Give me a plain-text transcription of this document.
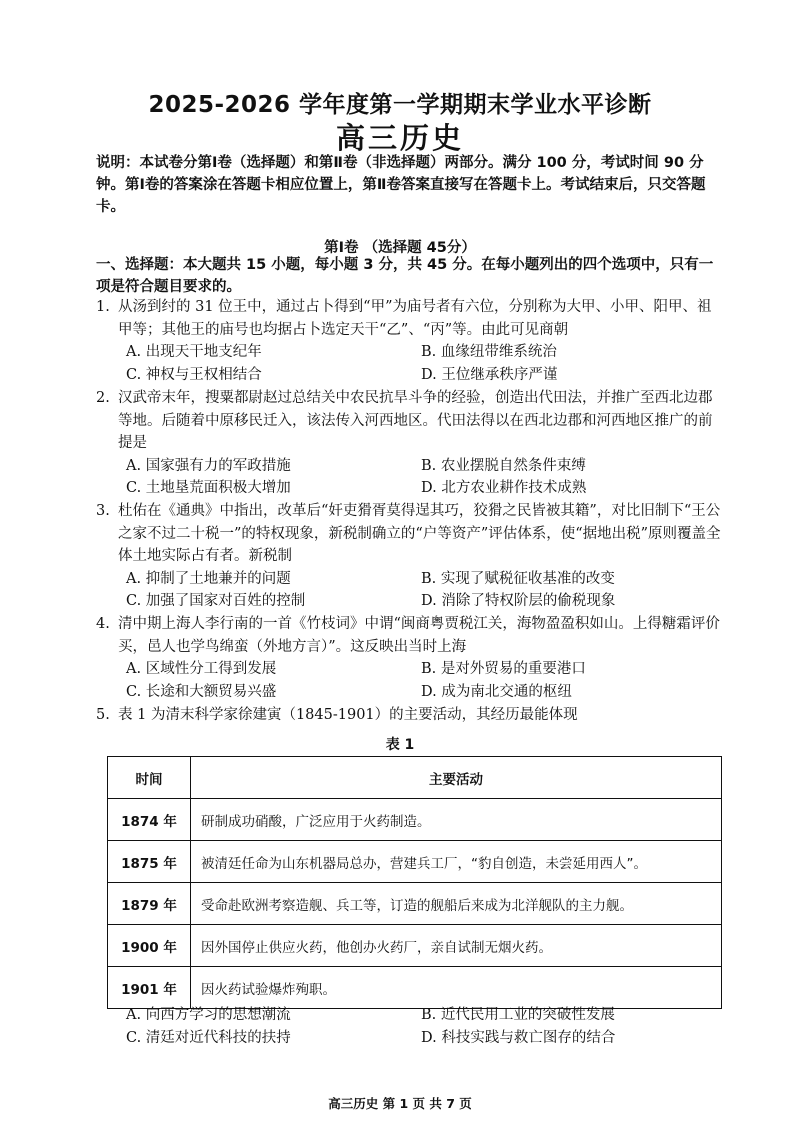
2025-2026 学年度第一学期期末学业水平诊断
高三历史
说明：本试卷分第Ⅰ卷（选择题）和第Ⅱ卷（非选择题）两部分。满分 100 分，考试时间 90 分钟。第Ⅰ卷的答案涂在答题卡相应位置上，第Ⅱ卷答案直接写在答题卡上。考试结束后，只交答题卡。
第Ⅰ卷 （选择题 45分）
一、选择题：本大题共 15 小题，每小题 3 分，共 45 分。在每小题列出的四个选项中，只有一项是符合题目要求的。
1. 从汤到纣的 31 位王中，通过占卜得到“甲”为庙号者有六位，分别称为大甲、小甲、阳甲、祖甲等；其他王的庙号也均据占卜选定天干“乙”、“丙”等。由此可见商朝
A. 出现天干地支纪年	B. 血缘纽带维系统治
C. 神权与王权相结合	D. 王位继承秩序严谨
2. 汉武帝末年，搜粟都尉赵过总结关中农民抗旱斗争的经验，创造出代田法，并推广至西北边郡等地。后随着中原移民迁入，该法传入河西地区。代田法得以在西北边郡和河西地区推广的前提是
A. 国家强有力的军政措施	B. 农业摆脱自然条件束缚
C. 土地垦荒面积极大增加	D. 北方农业耕作技术成熟
3. 杜佑在《通典》中指出，改革后“奸吏猾胥莫得逞其巧，狡猾之民皆被其籍”，对比旧制下“王公之家不过二十税一”的特权现象，新税制确立的“户等资产”评估体系，使“据地出税”原则覆盖全体土地实际占有者。新税制
A. 抑制了土地兼并的问题	B. 实现了赋税征收基准的改变
C. 加强了国家对百姓的控制	D. 消除了特权阶层的偷税现象
4. 清中期上海人李行南的一首《竹枝词》中谓“闽商粤贾税江关，海物盈盈积如山。上得糖霜评价买，邑人也学鸟绵蛮（外地方言）”。这反映出当时上海
A. 区域性分工得到发展	B. 是对外贸易的重要港口
C. 长途和大额贸易兴盛	D. 成为南北交通的枢纽
5. 表 1 为清末科学家徐建寅（1845-1901）的主要活动，其经历最能体现
表 1
时间	主要活动
1874 年	研制成功硝酸，广泛应用于火药制造。
1875 年	被清廷任命为山东机器局总办，营建兵工厂，“豹自创造，未尝延用西人”。
1879 年	受命赴欧洲考察造舰、兵工等，订造的舰船后来成为北洋舰队的主力舰。
1900 年	因外国停止供应火药，他创办火药厂，亲自试制无烟火药。
1901 年	因火药试验爆炸殉职。
A. 向西方学习的思想潮流	B. 近代民用工业的突破性发展
C. 清廷对近代科技的扶持	D. 科技实践与救亡图存的结合
高三历史 第 1 页 共 7 页
